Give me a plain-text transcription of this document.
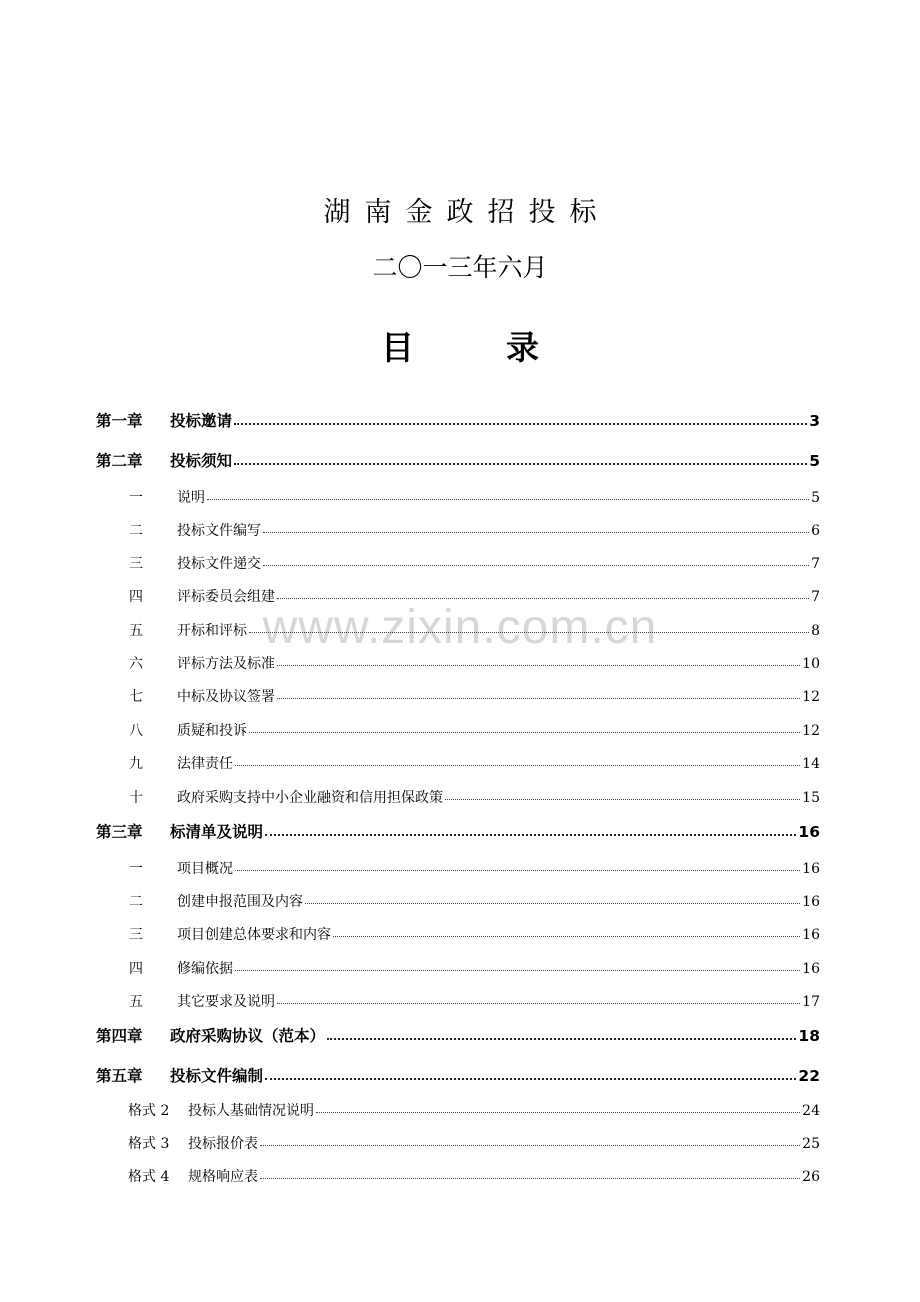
湖南金政招投标
二〇一三年六月
目录
www.zixin.com.cn
第一章	投标邀请	3
第二章	投标须知	5
一	说明	5
二	投标文件编写	6
三	投标文件递交	7
四	评标委员会组建	7
五	开标和评标	8
六	评标方法及标准	10
七	中标及协议签署	12
八	质疑和投诉	12
九	法律责任	14
十	政府采购支持中小企业融资和信用担保政策	15
第三章	标清单及说明	16
一	项目概况	16
二	创建申报范围及内容	16
三	项目创建总体要求和内容	16
四	修编依据	16
五	其它要求及说明	17
第四章	政府采购协议（范本）	18
第五章	投标文件编制	22
格式 2	投标人基础情况说明	24
格式 3	投标报价表	25
格式 4	规格响应表	26
